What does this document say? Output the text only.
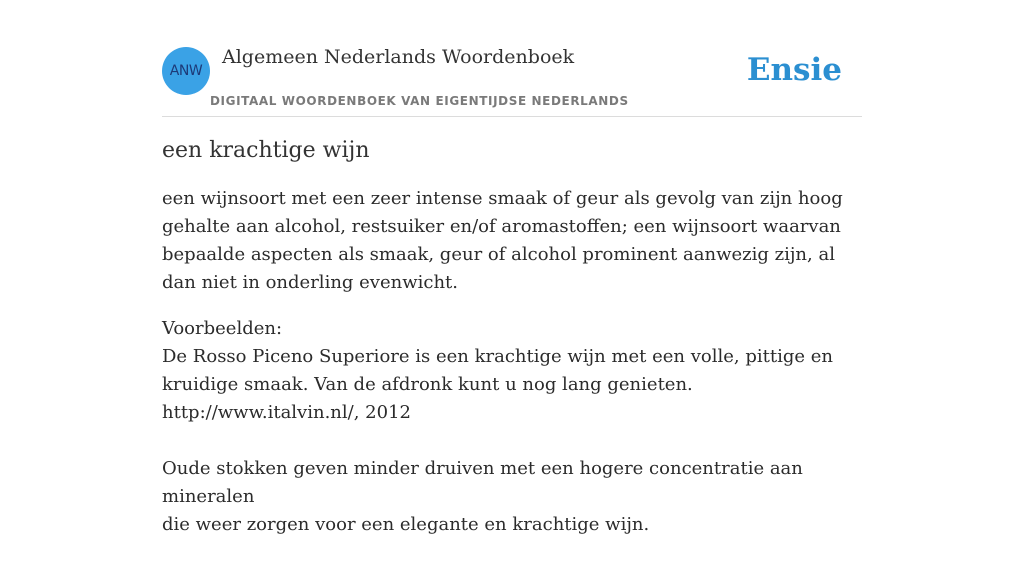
ANW
Algemeen Nederlands Woordenboek
DIGITAAL WOORDENBOEK VAN EIGENTIJDSE NEDERLANDS
Ensie
een krachtige wijn

een wijnsoort met een zeer intense smaak of geur als gevolg van zijn hoog gehalte aan alcohol, restsuiker en/of aromastoffen; een wijnsoort waarvan bepaalde aspecten als smaak, geur of alcohol prominent aanwezig zijn, al dan niet in onderling evenwicht.

Voorbeelden:

De Rosso Piceno Superiore is een krachtige wijn met een volle, pittige en

kruidige smaak. Van de afdronk kunt u nog lang genieten.

http://www.italvin.nl/, 2012

Oude stokken geven minder druiven met een hogere concentratie aan mineralen

die weer zorgen voor een elegante en krachtige wijn.
